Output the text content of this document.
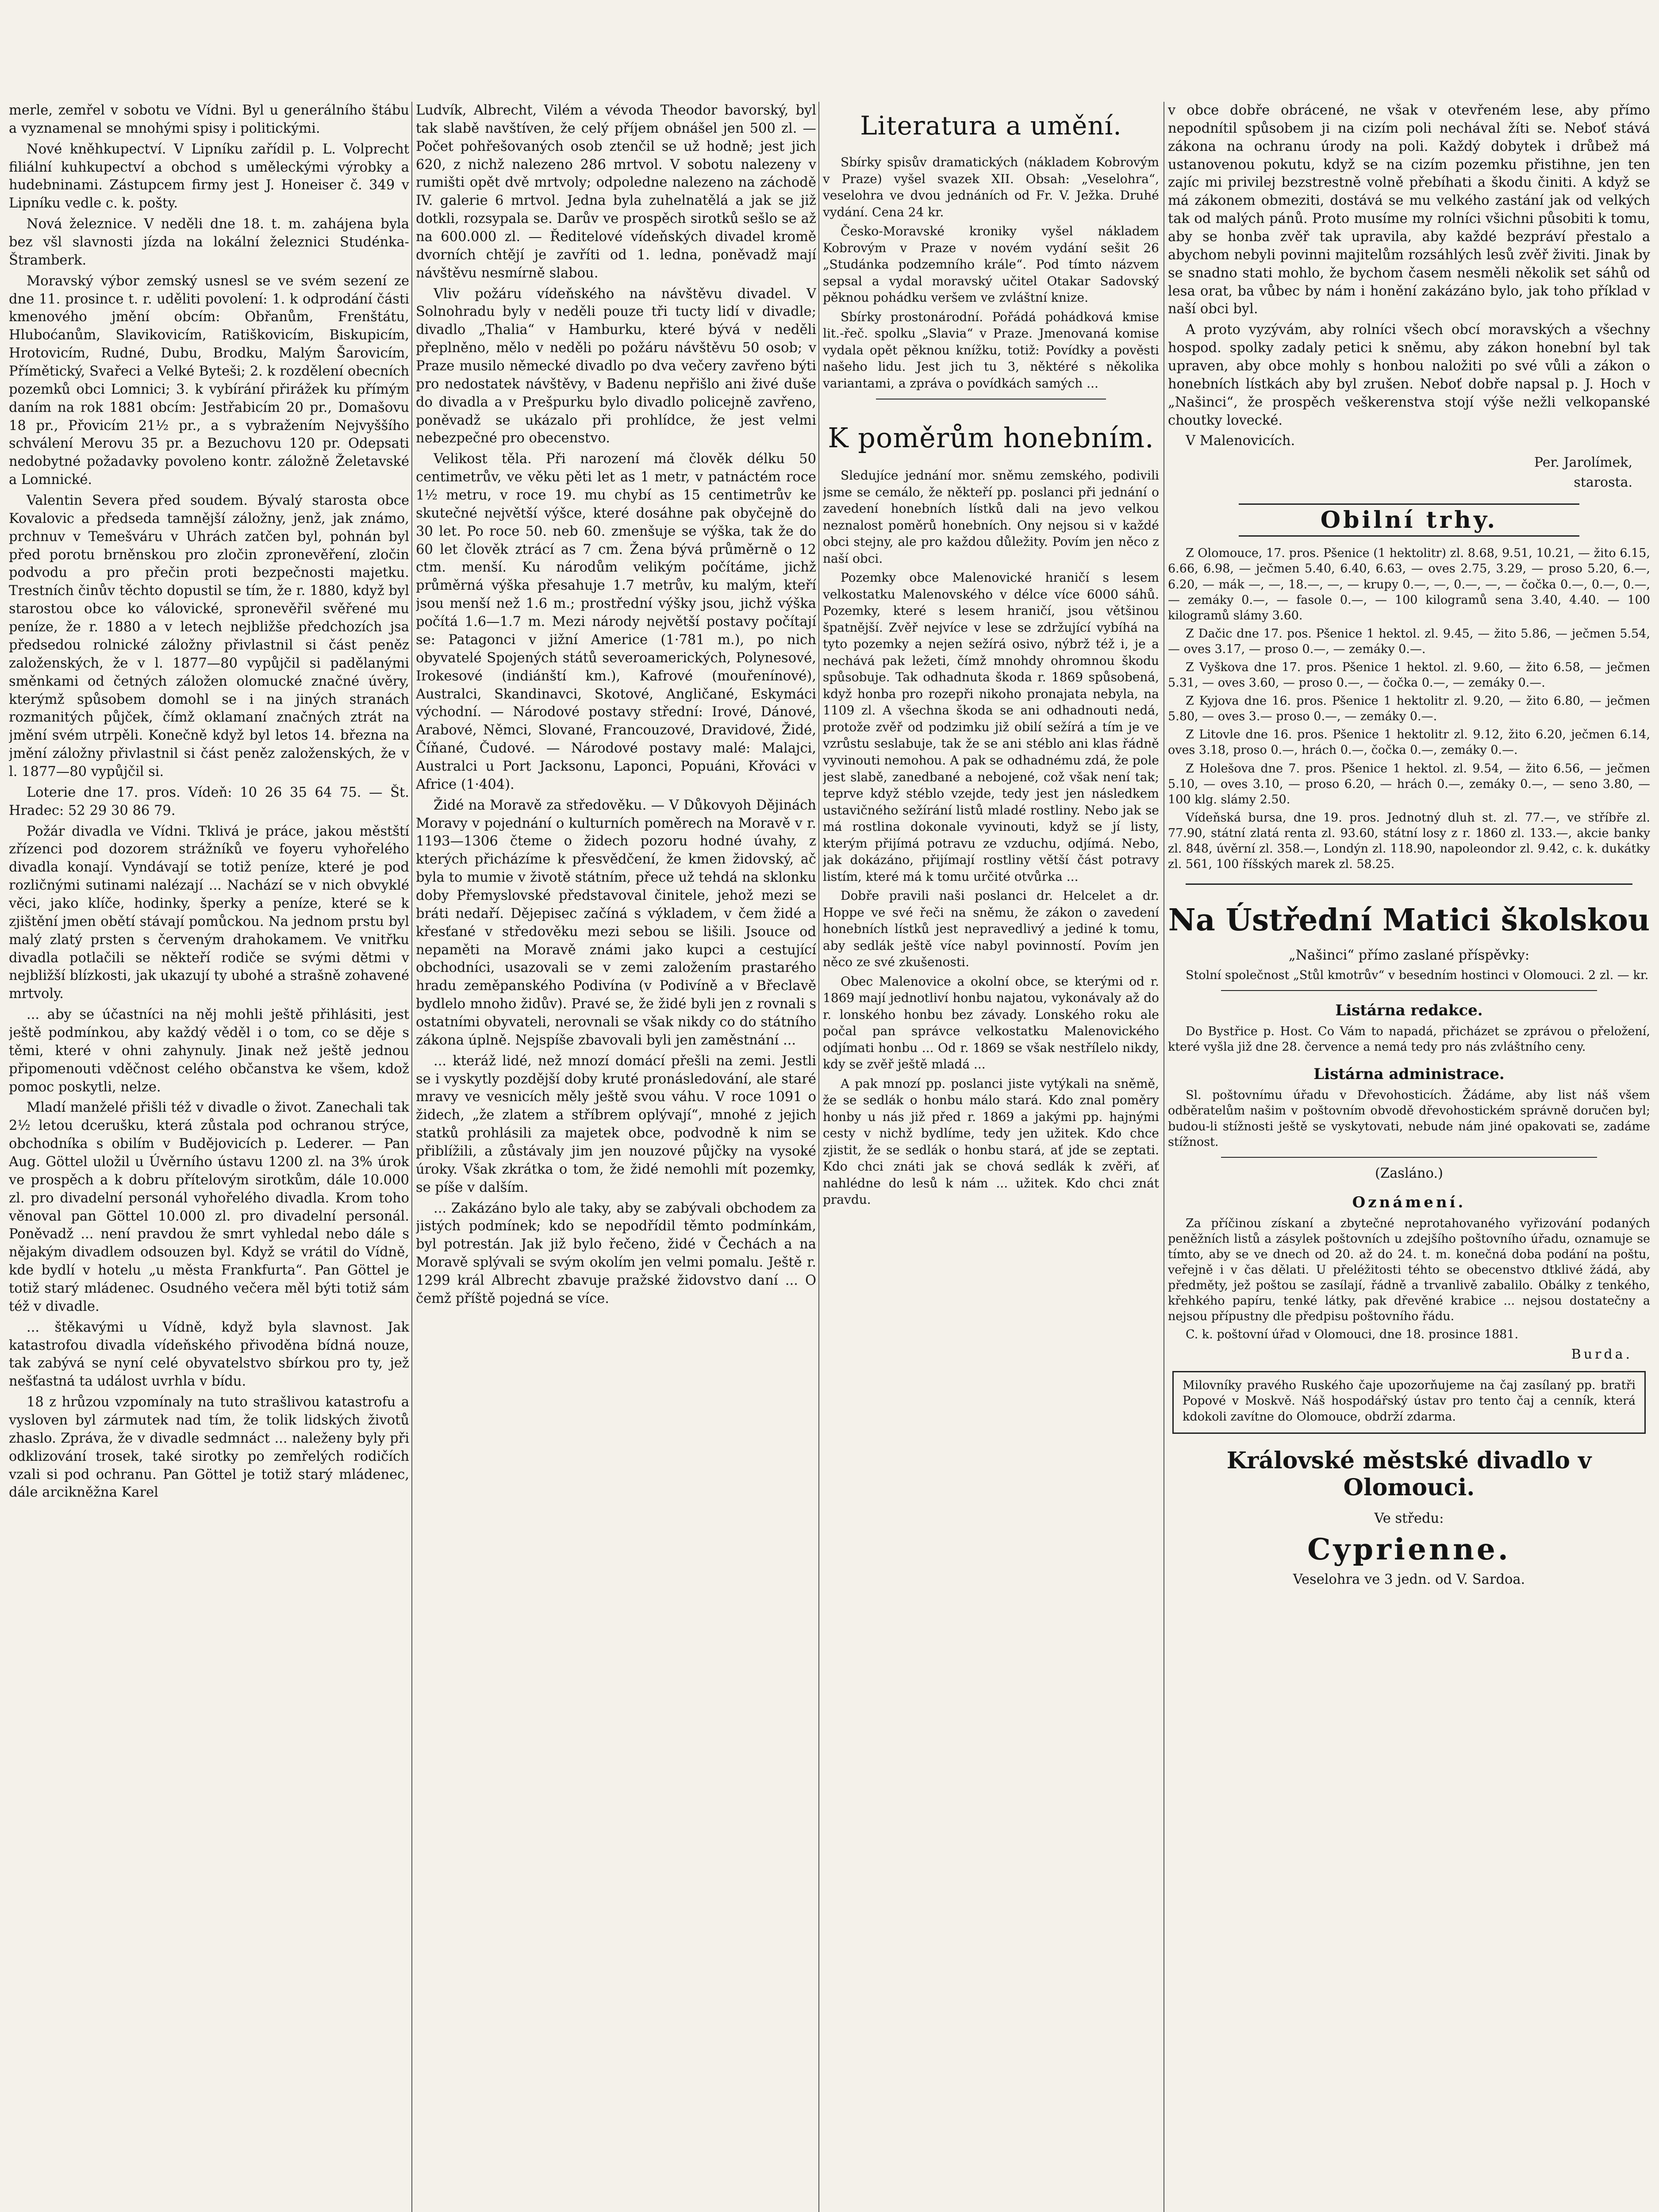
merle, zemřel v sobotu ve Vídni. Byl u generálního štábu a vyznamenal se mnohými spisy i politickými.

Nové kněhkupectví. V Lipníku zařídil p. L. Volprecht filiální kuhkupectví a obchod s uměleckými výrobky a hudebninami. Zástupcem firmy jest J. Honeiser č. 349 v Lipníku vedle c. k. pošty.

Nová železnice. V neděli dne 18. t. m. zahájena byla bez všl slavnosti jízda na lokální železnici Studénka-Štramberk.

Moravský výbor zemský usnesl se ve svém sezení ze dne 11. prosince t. r. uděliti povolení: 1. k odprodání části kmenového jmění obcím: Obřanům, Frenštátu, Hluboćanům, Slavikovicím, Ratiškovicím, Biskupicím, Hrotovicím, Rudné, Dubu, Brodku, Malým Šarovicím, Přímětický, Svařeci a Velké Byteši; 2. k rozdělení obecních pozemků obci Lomnici; 3. k vybírání přirážek ku přímým daním na rok 1881 obcím: Jestřabicím 20 pr., Domašovu 18 pr., Přovicím 21½ pr., a s vybražením Nejvyššího schválení Merovu 35 pr. a Bezuchovu 120 pr. Odepsati nedobytné požadavky povoleno kontr. záložně Želetavské a Lomnické.

Valentin Severa před soudem. Bývalý starosta obce Kovalovic a předseda tamnější záložny, jenž, jak známo, prchnuv v Temešváru v Uhrách zatčen byl, pohnán byl před porotu brněnskou pro zločin zpronevěření, zločin podvodu a pro přečin proti bezpečnosti majetku. Trestních činův těchto dopustil se tím, že r. 1880, když byl starostou obce ko válovické, spronevěřil svěřené mu peníze, že r. 1880 a v letech nejbližše předchozích jsa předsedou rolnické záložny přivlastnil si část peněz založenských, že v l. 1877—80 vypůjčil si padělanými směnkami od četných záložen olomucké značné úvěry, kterýmž spůsobem domohl se i na jiných stranách rozmanitých půjček, čímž oklamaní značných ztrát na jmění svém utrpěli. Konečně když byl letos 14. března na jmění záložny přivlastnil si část peněz založenských, že v l. 1877—80 vypůjčil si.

Loterie dne 17. pros. Vídeň: 10 26 35 64 75. — Št. Hradec: 52 29 30 86 79.

Požár divadla ve Vídni. Tklivá je práce, jakou městští zřízenci pod dozorem strážníků ve foyeru vyhořelého divadla konají. Vyndávají se totiž peníze, které je pod rozličnými sutinami nalézají ... Nachází se v nich obvyklé věci, jako klíče, hodinky, šperky a peníze, které se k zjištění jmen obětí stávají pomůckou. Na jednom prstu byl malý zlatý prsten s červeným drahokamem. Ve vnitřku divadla potlačili se někteří rodiče se svými dětmi v nejbližší blízkosti, jak ukazují ty ubohé a strašně zohavené mrtvoly.

... aby se účastníci na něj mohli ještě přihlásiti, jest ještě podmínkou, aby každý věděl i o tom, co se děje s těmi, které v ohni zahynuly. Jinak než ještě jednou připomenouti vděčnost celého občanstva ke všem, kdož pomoc poskytli, nelze.

Mladí manželé přišli též v divadle o život. Zanechali tak 2½ letou dcerušku, která zůstala pod ochranou strýce, obchodníka s obilím v Budějovicích p. Lederer. — Pan Aug. Göttel uložil u Úvěrního ústavu 1200 zl. na 3% úrok ve prospěch a k dobru přítelovým sirotkům, dále 10.000 zl. pro divadelní personál vyhořelého divadla. Krom toho věnoval pan Göttel 10.000 zl. pro divadelní personál. Poněvadž ... není pravdou že smrt vyhledal nebo dále s nějakým divadlem odsouzen byl. Když se vrátil do Vídně, kde bydlí v hotelu „u města Frankfurta“. Pan Göttel je totiž starý mládenec. Osudného večera měl býti totiž sám též v divadle.

... štěkavými u Vídně, když byla slavnost. Jak katastrofou divadla vídeňského přivoděna bídná nouze, tak zabývá se nyní celé obyvatelstvo sbírkou pro ty, jež nešťastná ta událost uvrhla v bídu.

18 z hrůzou vzpomínaly na tuto strašlivou katastrofu a vysloven byl zármutek nad tím, že tolik lidských životů zhaslo. Zpráva, že v divadle sedmnáct ... naleženy byly při odklizování trosek, také sirotky po zemřelých rodičích vzali si pod ochranu. Pan Göttel je totiž starý mládenec, dále arcikněžna Karel

Ludvík, Albrecht, Vilém a vévoda Theodor bavorský, byl tak slabě navštíven, že celý příjem obnášel jen 500 zl. — Počet pohřešovaných osob ztenčil se už hodně; jest jich 620, z nichž nalezeno 286 mrtvol. V sobotu nalezeny v rumišti opět dvě mrtvoly; odpoledne nalezeno na záchodě IV. galerie 6 mrtvol. Jedna byla zuhelnatělá a jak se již dotkli, rozsypala se. Darův ve prospěch sirotků sešlo se až na 600.000 zl. — Ředitelové vídeňských divadel kromě dvorních chtějí je zavříti od 1. ledna, poněvadž mají návštěvu nesmírně slabou.

Vliv požáru vídeňského na návštěvu divadel. V Solnohradu byly v neděli pouze tři tucty lidí v divadle; divadlo „Thalia“ v Hamburku, které bývá v neděli přeplněno, mělo v neděli po požáru návštěvu 50 osob; v Praze musilo německé divadlo po dva večery zavřeno býti pro nedostatek návštěvy, v Badenu nepřišlo ani živé duše do divadla a v Prešpurku bylo divadlo policejně zavřeno, poněvadž se ukázalo při prohlídce, že jest velmi nebezpečné pro obecenstvo.

Velikost těla. Při narození má člověk délku 50 centimetrův, ve věku pěti let as 1 metr, v patnáctém roce 1½ metru, v roce 19. mu chybí as 15 centimetrův ke skutečné největší výšce, které dosáhne pak obyčejně do 30 let. Po roce 50. neb 60. zmenšuje se výška, tak že do 60 let člověk ztrácí as 7 cm. Žena bývá průměrně o 12 ctm. menší. Ku národům velikým počítáme, jichž průměrná výška přesahuje 1.7 metrův, ku malým, kteří jsou menší než 1.6 m.; prostřední výšky jsou, jichž výška počítá 1.6—1.7 m. Mezi národy největší postavy počítají se: Patagonci v jižní Americe (1·781 m.), po nich obyvatelé Spojených států severoamerických, Polynesové, Irokesové (indiánští km.), Kafrové (mouřenínové), Australci, Skandinavci, Skotové, Angličané, Eskymáci východní. — Národové postavy střední: Irové, Dánové, Arabové, Němci, Slované, Francouzové, Dravidové, Židé, Číňané, Čudové. — Národové postavy malé: Malajci, Australci u Port Jacksonu, Laponci, Popuáni, Křováci v Africe (1·404).

Židé na Moravě za středověku. — V Důkovyoh Dějinách Moravy v pojednání o kulturních poměrech na Moravě v r. 1193—1306 čteme o židech pozoru hodné úvahy, z kterých přicházíme k přesvědčení, že kmen židovský, ač byla to mumie v životě státním, přece už tehdá na sklonku doby Přemyslovské představoval činitele, jehož mezi se bráti nedaří. Dějepisec začíná s výkladem, v čem židé a křesťané v středověku mezi sebou se lišili. Jsouce od nepaměti na Moravě známi jako kupci a cestující obchodníci, usazovali se v zemi založením prastarého hradu zeměpanského Podivína (v Podivíně a v Břeclavě bydlelo mnoho židův). Pravé se, že židé byli jen z rovnali s ostatními obyvateli, nerovnali se však nikdy co do státního zákona úplně. Nejspíše zbavovali byli jen zaměstnání ...

... kteráž lidé, než mnozí domácí přešli na zemi. Jestli se i vyskytly pozdější doby kruté pronásledování, ale staré mravy ve vesnicích měly ještě svou váhu. V roce 1091 o židech, „že zlatem a stříbrem oplývají“, mnohé z jejich statků prohlásili za majetek obce, podvodně k nim se přiblížili, a zůstávaly jim jen nouzové půjčky na vysoké úroky. Však zkrátka o tom, že židé nemohli mít pozemky, se píše v dalším.

... Zakázáno bylo ale taky, aby se zabývali obchodem za jistých podmínek; kdo se nepodřídil těmto podmínkám, byl potrestán. Jak již bylo řečeno, židé v Čechách a na Moravě splývali se svým okolím jen velmi pomalu. Ještě r. 1299 král Albrecht zbavuje pražské židovstvo daní ... O čemž příště pojedná se více.

Literatura a umění.

Sbírky spisův dramatických (nákladem Kobrovým v Praze) vyšel svazek XII. Obsah: „Veselohra“, veselohra ve dvou jednáních od Fr. V. Ježka. Druhé vydání. Cena 24 kr.

Česko-Moravské kroniky vyšel nákladem Kobrovým v Praze v novém vydání sešit 26 „Studánka podzemního krále“. Pod tímto názvem sepsal a vydal moravský učitel Otakar Sadovský pěknou pohádku veršem ve zvláštní knize.

Sbírky prostonárodní. Pořádá pohádková kmise lit.-řeč. spolku „Slavia“ v Praze. Jmenovaná komise vydala opět pěknou knížku, totiž: Povídky a pověsti našeho lidu. Jest jich tu 3, něktéré s několika variantami, a zpráva o povídkách samých ...

K poměrům honebním.

Sledujíce jednání mor. sněmu zemského, podivili jsme se cemálo, že někteří pp. poslanci při jednání o zavedení honebních lístků dali na jevo velkou neznalost poměrů honebních. Ony nejsou si v každé obci stejny, ale pro každou důležity. Povím jen něco z naší obci.

Pozemky obce Malenovické hraničí s lesem velkostatku Malenovského v délce více 6000 sáhů. Pozemky, které s lesem hraničí, jsou většinou špatnější. Zvěř nejvíce v lese se zdržující vybíhá na tyto pozemky a nejen sežírá osivo, nýbrž též i, je a nechává pak ležeti, čímž mnohdy ohromnou škodu spůsobuje. Tak odhadnuta škoda r. 1869 spůsobená, když honba pro rozepři nikoho pronajata nebyla, na 1109 zl. A všechna škoda se ani odhadnouti nedá, protože zvěř od podzimku již obilí sežírá a tím je ve vzrůstu seslabuje, tak že se ani stéblo ani klas řádně vyvinouti nemohou. A pak se odhadnému zdá, že pole jest slabě, zanedbané a nebojené, což však není tak; teprve když stéblo vzejde, tedy jest jen následkem ustavičného sežírání listů mladé rostliny. Nebo jak se má rostlina dokonale vyvinouti, když se jí listy, kterým přijímá potravu ze vzduchu, odjímá. Nebo, jak dokázáno, přijímají rostliny větší část potravy listím, které má k tomu určité otvůrka ...

Dobře pravili naši poslanci dr. Helcelet a dr. Hoppe ve své řeči na sněmu, že zákon o zavedení honebních lístků jest nepravedlivý a jediné k tomu, aby sedlák ještě více nabyl povinností. Povím jen něco ze své zkušenosti.

Obec Malenovice a okolní obce, se kterými od r. 1869 mají jednotliví honbu najatou, vykonávaly až do r. lonského honbu bez závady. Lonského roku ale počal pan správce velkostatku Malenovického odjímati honbu ... Od r. 1869 se však nestřílelo nikdy, kdy se zvěř ještě mladá ...

A pak mnozí pp. poslanci jiste vytýkali na sněmě, že se sedlák o honbu málo stará. Kdo znal poměry honby u nás již před r. 1869 a jakými pp. hajnými cesty v nichž bydlíme, tedy jen užitek. Kdo chce zjistit, že se sedlák o honbu stará, ať jde se zeptati. Kdo chci znáti jak se chová sedlák k zvěři, ať nahlédne do lesů k nám ... užitek. Kdo chci znát pravdu.

v obce dobře obrácené, ne však v otevřeném lese, aby přímo nepodnítil spůsobem ji na cizím poli nechával žíti se. Neboť stává zákona na ochranu úrody na poli. Každý dobytek i drůbež má ustanovenou pokutu, když se na cizím pozemku přistihne, jen ten zajíc mi privilej bezstrestně volně přebíhati a škodu činiti. A když se má zákonem obmeziti, dostává se mu velkého zastání jak od velkých tak od malých pánů. Proto musíme my rolníci všichni působiti k tomu, aby se honba zvěř tak upravila, aby každé bezpráví přestalo a abychom nebyli povinni majitelům rozsáhlých lesů zvěř živiti. Jinak by se snadno stati mohlo, že bychom časem nesměli několik set sáhů od lesa orat, ba vůbec by nám i honění zakázáno bylo, jak toho příklad v naší obci byl.

A proto vyzývám, aby rolníci všech obcí moravských a všechny hospod. spolky zadaly petici k sněmu, aby zákon honební byl tak upraven, aby obce mohly s honbou naložiti po své vůli a zákon o honebních lístkách aby byl zrušen. Neboť dobře napsal p. J. Hoch v „Našinci“, že prospěch veškerenstva stojí výše nežli velkopanské choutky lovecké.

V Malenovicích.

Per. Jarolímek,
starosta.
Obilní trhy.

Z Olomouce, 17. pros. Pšenice (1 hektolitr) zl. 8.68, 9.51, 10.21, — žito 6.15, 6.66, 6.98, — ječmen 5.40, 6.40, 6.63, — oves 2.75, 3.29, — proso 5.20, 6.—, 6.20, — mák —, —, 18.—, —, — krupy 0.—, —, 0.—, —, — čočka 0.—, 0.—, 0.—, — zemáky 0.—, — fasole 0.—, — 100 kilogramů sena 3.40, 4.40. — 100 kilogramů slámy 3.60.

Z Dačic dne 17. pos. Pšenice 1 hektol. zl. 9.45, — žito 5.86, — ječmen 5.54, — oves 3.17, — proso 0.—, — zemáky 0.—.

Z Vyškova dne 17. pros. Pšenice 1 hektol. zl. 9.60, — žito 6.58, — ječmen 5.31, — oves 3.60, — proso 0.—, — čočka 0.—, — zemáky 0.—.

Z Kyjova dne 16. pros. Pšenice 1 hektolitr zl. 9.20, — žito 6.80, — ječmen 5.80, — oves 3.— proso 0.—, — zemáky 0.—.

Z Litovle dne 16. pros. Pšenice 1 hektolitr zl. 9.12, žito 6.20, ječmen 6.14, oves 3.18, proso 0.—, hrách 0.—, čočka 0.—, zemáky 0.—.

Z Holešova dne 7. pros. Pšenice 1 hektol. zl. 9.54, — žito 6.56, — ječmen 5.10, — oves 3.10, — proso 6.20, — hrách 0.—, zemáky 0.—, — seno 3.80, — 100 klg. slámy 2.50.

Vídeňská bursa, dne 19. pros. Jednotný dluh st. zl. 77.—, ve stříbře zl. 77.90, státní zlatá renta zl. 93.60, státní losy z r. 1860 zl. 133.—, akcie banky zl. 848, úvěrní zl. 358.—, Londýn zl. 118.90, napoleondor zl. 9.42, c. k. dukátky zl. 561, 100 říšských marek zl. 58.25.

Na Ústřední Matici školskou

„Našinci“ přímo zaslané příspěvky:

Stolní společnost „Stůl kmotrův“ v besedním hostinci v Olomouci. 2 zl. — kr.

Listárna redakce.

Do Bystřice p. Host. Co Vám to napadá, přicházet se zprávou o přeložení, které vyšla již dne 28. července a nemá tedy pro nás zvláštního ceny.

Listárna administrace.

Sl. poštovnímu úřadu v Dřevohosticích. Žádáme, aby list náš všem odběratelům našim v poštovním obvodě dřevohostickém správně doručen byl; budou-li stížnosti ještě se vyskytovati, nebude nám jiné opakovati se, zadáme stížnost.

(Zasláno.)

Oznámení.

Za příčinou získaní a zbytečné neprotahovaného vyřizování podaných peněžních listů a zásylek poštovních u zdejšího poštovního úřadu, oznamuje se tímto, aby se ve dnech od 20. až do 24. t. m. konečná doba podání na poštu, veřejně i v čas dělati. U přeléžitosti téhto se obecenstvo dtklivé žádá, aby předměty, jež poštou se zasílají, řádně a trvanlivě zabalilo. Obálky z tenkého, křehkého papíru, tenké látky, pak dřevěné krabice ... nejsou dostatečny a nejsou přípustny dle předpisu poštovního řádu.

C. k. poštovní úřad v Olomouci, dne 18. prosince 1881.

Burda.

Milovníky pravého Ruského čaje upozorňujeme na čaj zasílaný pp. bratři Popové v Moskvě. Náš hospodářský ústav pro tento čaj a cenník, která kdokoli zavítne do Olomouce, obdrží zdarma.

Královské městské divadlo v Olomouci.

Ve středu:

Cyprienne.

Veselohra ve 3 jedn. od V. Sardoa.
